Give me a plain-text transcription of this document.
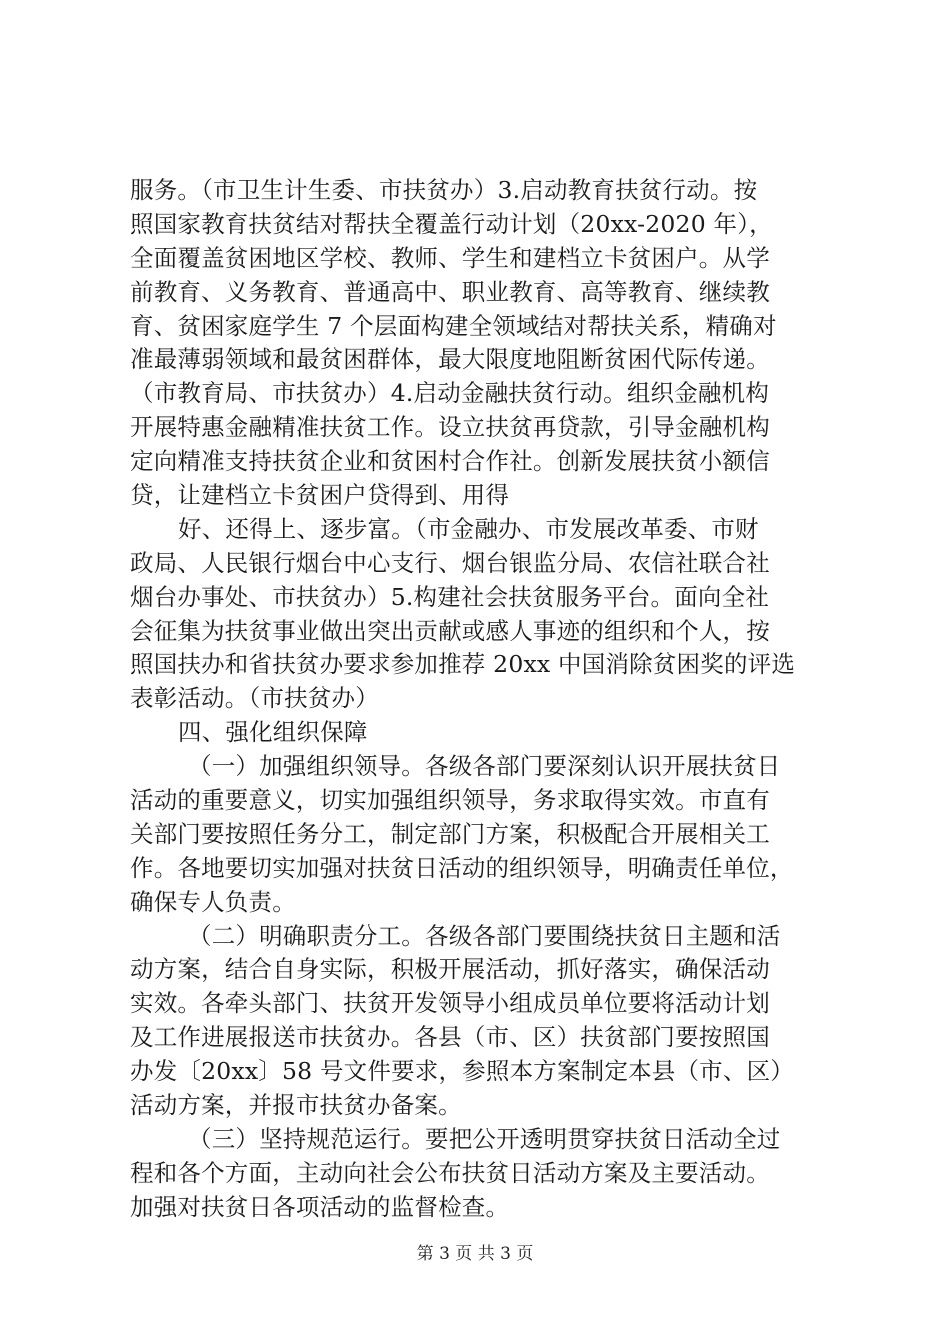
服务。（市卫生计生委、市扶贫办）3.启动教育扶贫行动。按
照国家教育扶贫结对帮扶全覆盖行动计划（20xx-2020 年），
全面覆盖贫困地区学校、教师、学生和建档立卡贫困户。从学
前教育、义务教育、普通高中、职业教育、高等教育、继续教
育、贫困家庭学生 7 个层面构建全领域结对帮扶关系，精确对
准最薄弱领域和最贫困群体，最大限度地阻断贫困代际传递。
（市教育局、市扶贫办）4.启动金融扶贫行动。组织金融机构
开展特惠金融精准扶贫工作。设立扶贫再贷款，引导金融机构
定向精准支持扶贫企业和贫困村合作社。创新发展扶贫小额信
贷，让建档立卡贫困户贷得到、用得
好、还得上、逐步富。（市金融办、市发展改革委、市财
政局、人民银行烟台中心支行、烟台银监分局、农信社联合社
烟台办事处、市扶贫办）5.构建社会扶贫服务平台。面向全社
会征集为扶贫事业做出突出贡献或感人事迹的组织和个人，按
照国扶办和省扶贫办要求参加推荐 20xx 中国消除贫困奖的评选
表彰活动。（市扶贫办）
四、强化组织保障
（一）加强组织领导。各级各部门要深刻认识开展扶贫日
活动的重要意义，切实加强组织领导，务求取得实效。市直有
关部门要按照任务分工，制定部门方案，积极配合开展相关工
作。各地要切实加强对扶贫日活动的组织领导，明确责任单位，
确保专人负责。
（二）明确职责分工。各级各部门要围绕扶贫日主题和活
动方案，结合自身实际，积极开展活动，抓好落实，确保活动
实效。各牵头部门、扶贫开发领导小组成员单位要将活动计划
及工作进展报送市扶贫办。各县（市、区）扶贫部门要按照国
办发〔20xx〕58 号文件要求，参照本方案制定本县（市、区）
活动方案，并报市扶贫办备案。
（三）坚持规范运行。要把公开透明贯穿扶贫日活动全过
程和各个方面，主动向社会公布扶贫日活动方案及主要活动。
加强对扶贫日各项活动的监督检查。
第 3 页 共 3 页
